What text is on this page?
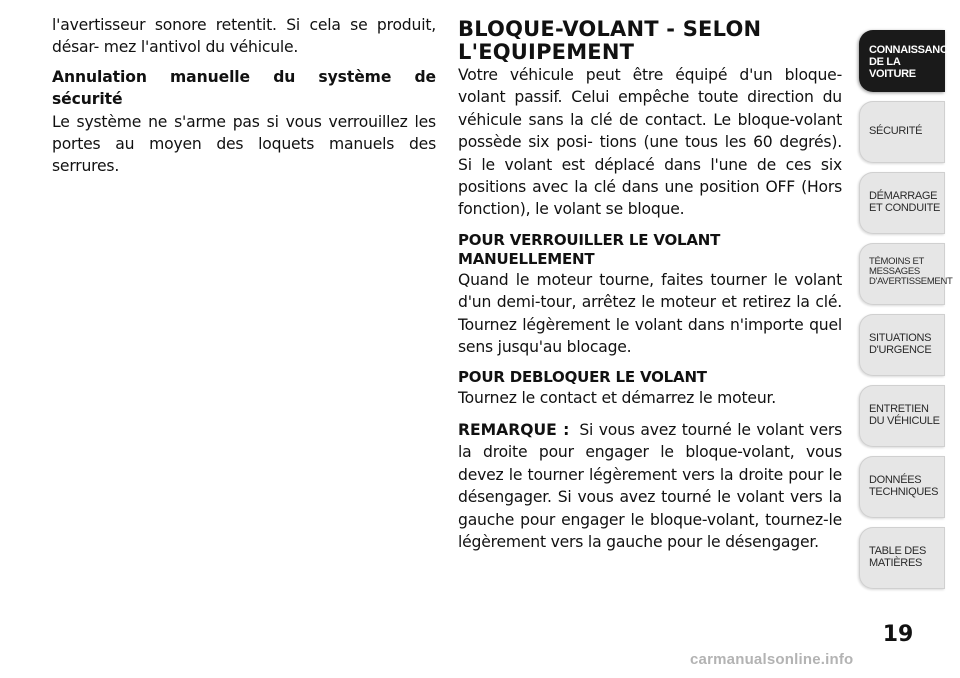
l'avertisseur sonore retentit. Si cela se produit, désar- mez l'antivol du véhicule.

Annulation manuelle du système de sécurité
Le système ne s'arme pas si vous verrouillez les portes au moyen des loquets manuels des serrures.

BLOQUE-VOLANT - SELON
L'EQUIPEMENT

Votre véhicule peut être équipé d'un bloque-volant passif. Celui empêche toute direction du véhicule sans la clé de contact. Le bloque-volant possède six posi- tions (une tous les 60 degrés). Si le volant est déplacé dans l'une de ces six positions avec la clé dans une position OFF (Hors fonction), le volant se bloque.

POUR VERROUILLER LE VOLANT
MANUELLEMENT

Quand le moteur tourne, faites tourner le volant d'un demi-tour, arrêtez le moteur et retirez la clé. Tournez légèrement le volant dans n'importe quel sens jusqu'au blocage.

POUR DEBLOQUER LE VOLANT

Tournez le contact et démarrez le moteur.

REMARQUE : Si vous avez tourné le volant vers la droite pour engager le bloque-volant, vous devez le tourner légèrement vers la droite pour le désengager. Si vous avez tourné le volant vers la gauche pour engager le bloque-volant, tournez-le légèrement vers la gauche pour le désengager.

CONNAISSANCE
DE LA VOITURE
SÉCURITÉ
DÉMARRAGE
ET CONDUITE
TÉMOINS ET
MESSAGES
D'AVERTISSEMENT
SITUATIONS
D'URGENCE
ENTRETIEN
DU VÉHICULE
DONNÉES
TECHNIQUES
TABLE DES
MATIÈRES
19
carmanualsonline.info
